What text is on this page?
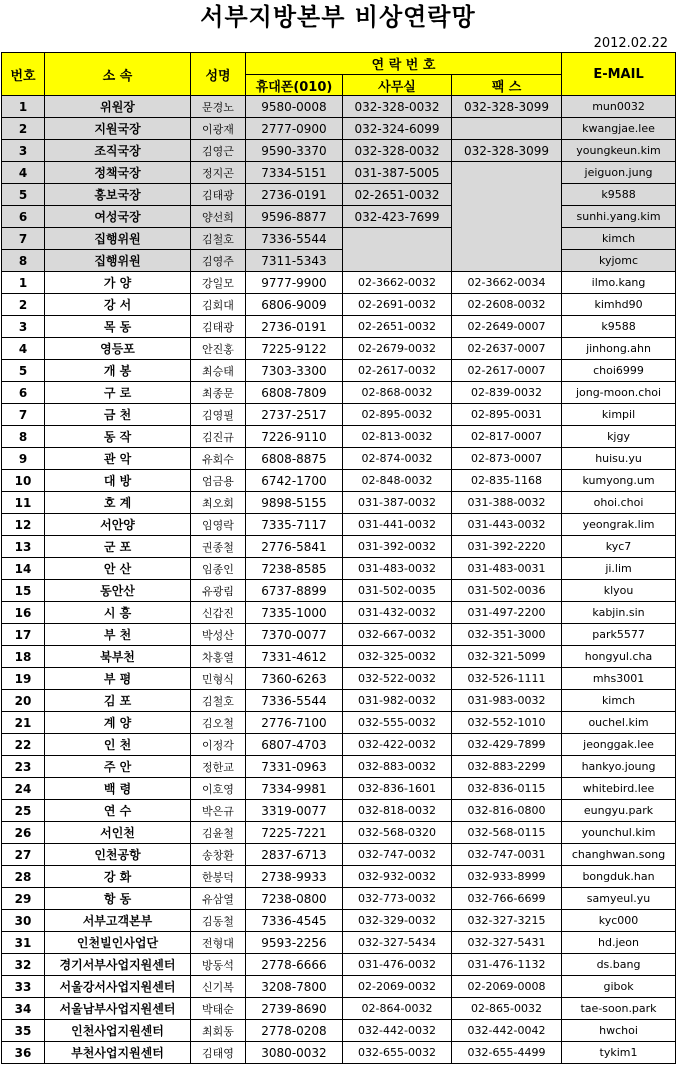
서부지방본부 비상연락망
2012.02.22
번호	소 속	성명	연 락 번 호			E-MAIL
			휴대폰(010)	사무실	팩 스	
1	위원장	문경노	9580-0008	032-328-0032	032-328-3099	mun0032
2	지원국장	이광재	2777-0900	032-324-6099		kwangjae.lee
3	조직국장	김영근	9590-3370	032-328-0032	032-328-3099	youngkeun.kim
4	정책국장	정지곤	7334-5151	031-387-5005		jeiguon.jung
5	홍보국장	김태광	2736-0191	02-2651-0032		k9588
6	여성국장	양선희	9596-8877	032-423-7699		sunhi.yang.kim
7	집행위원	김철호	7336-5544			kimch
8	집행위원	김영주	7311-5343			kyjomc
1	가 양	강일모	9777-9900	02-3662-0032	02-3662-0034	ilmo.kang
2	강 서	김회대	6806-9009	02-2691-0032	02-2608-0032	kimhd90
3	목 동	김태광	2736-0191	02-2651-0032	02-2649-0007	k9588
4	영등포	안진홍	7225-9122	02-2679-0032	02-2637-0007	jinhong.ahn
5	개 봉	최승태	7303-3300	02-2617-0032	02-2617-0007	choi6999
6	구 로	최종문	6808-7809	02-868-0032	02-839-0032	jong-moon.choi
7	금 천	김영필	2737-2517	02-895-0032	02-895-0031	kimpil
8	동 작	김진규	7226-9110	02-813-0032	02-817-0007	kjgy
9	관 악	유회수	6808-8875	02-874-0032	02-873-0007	huisu.yu
10	대 방	엄금용	6742-1700	02-848-0032	02-835-1168	kumyong.um
11	호 계	최오회	9898-5155	031-387-0032	031-388-0032	ohoi.choi
12	서안양	임영락	7335-7117	031-441-0032	031-443-0032	yeongrak.lim
13	군 포	권종철	2776-5841	031-392-0032	031-392-2220	kyc7
14	안 산	임종인	7238-8585	031-483-0032	031-483-0031	ji.lim
15	동안산	유광림	6737-8899	031-502-0035	031-502-0036	klyou
16	시 흥	신갑진	7335-1000	031-432-0032	031-497-2200	kabjin.sin
17	부 천	박성산	7370-0077	032-667-0032	032-351-3000	park5577
18	북부천	차홍열	7331-4612	032-325-0032	032-321-5099	hongyul.cha
19	부 평	민형식	7360-6263	032-522-0032	032-526-1111	mhs3001
20	김 포	김철호	7336-5544	031-982-0032	031-983-0032	kimch
21	계 양	김오철	2776-7100	032-555-0032	032-552-1010	ouchel.kim
22	인 천	이정각	6807-4703	032-422-0032	032-429-7899	jeonggak.lee
23	주 안	정한교	7331-0963	032-883-0032	032-883-2299	hankyo.joung
24	백 령	이호영	7334-9981	032-836-1601	032-836-0115	whitebird.lee
25	연 수	박은규	3319-0077	032-818-0032	032-816-0800	eungyu.park
26	서인천	김윤철	7225-7221	032-568-0320	032-568-0115	younchul.kim
27	인천공항	송창환	2837-6713	032-747-0032	032-747-0031	changhwan.song
28	강 화	한봉덕	2738-9933	032-932-0032	032-933-8999	bongduk.han
29	항 동	유삼열	7238-0800	032-773-0032	032-766-6699	samyeul.yu
30	서부고객본부	김동철	7336-4545	032-329-0032	032-327-3215	kyc000
31	인천빌인사업단	전형대	9593-2256	032-327-5434	032-327-5431	hd.jeon
32	경기서부사업지원센터	방동석	2778-6666	031-476-0032	031-476-1132	ds.bang
33	서울강서사업지원센터	신기복	3208-7800	02-2069-0032	02-2069-0008	gibok
34	서울남부사업지원센터	박태순	2739-8690	02-864-0032	02-865-0032	tae-soon.park
35	인천사업지원센터	최회동	2778-0208	032-442-0032	032-442-0042	hwchoi
36	부천사업지원센터	김태영	3080-0032	032-655-0032	032-655-4499	tykim1
